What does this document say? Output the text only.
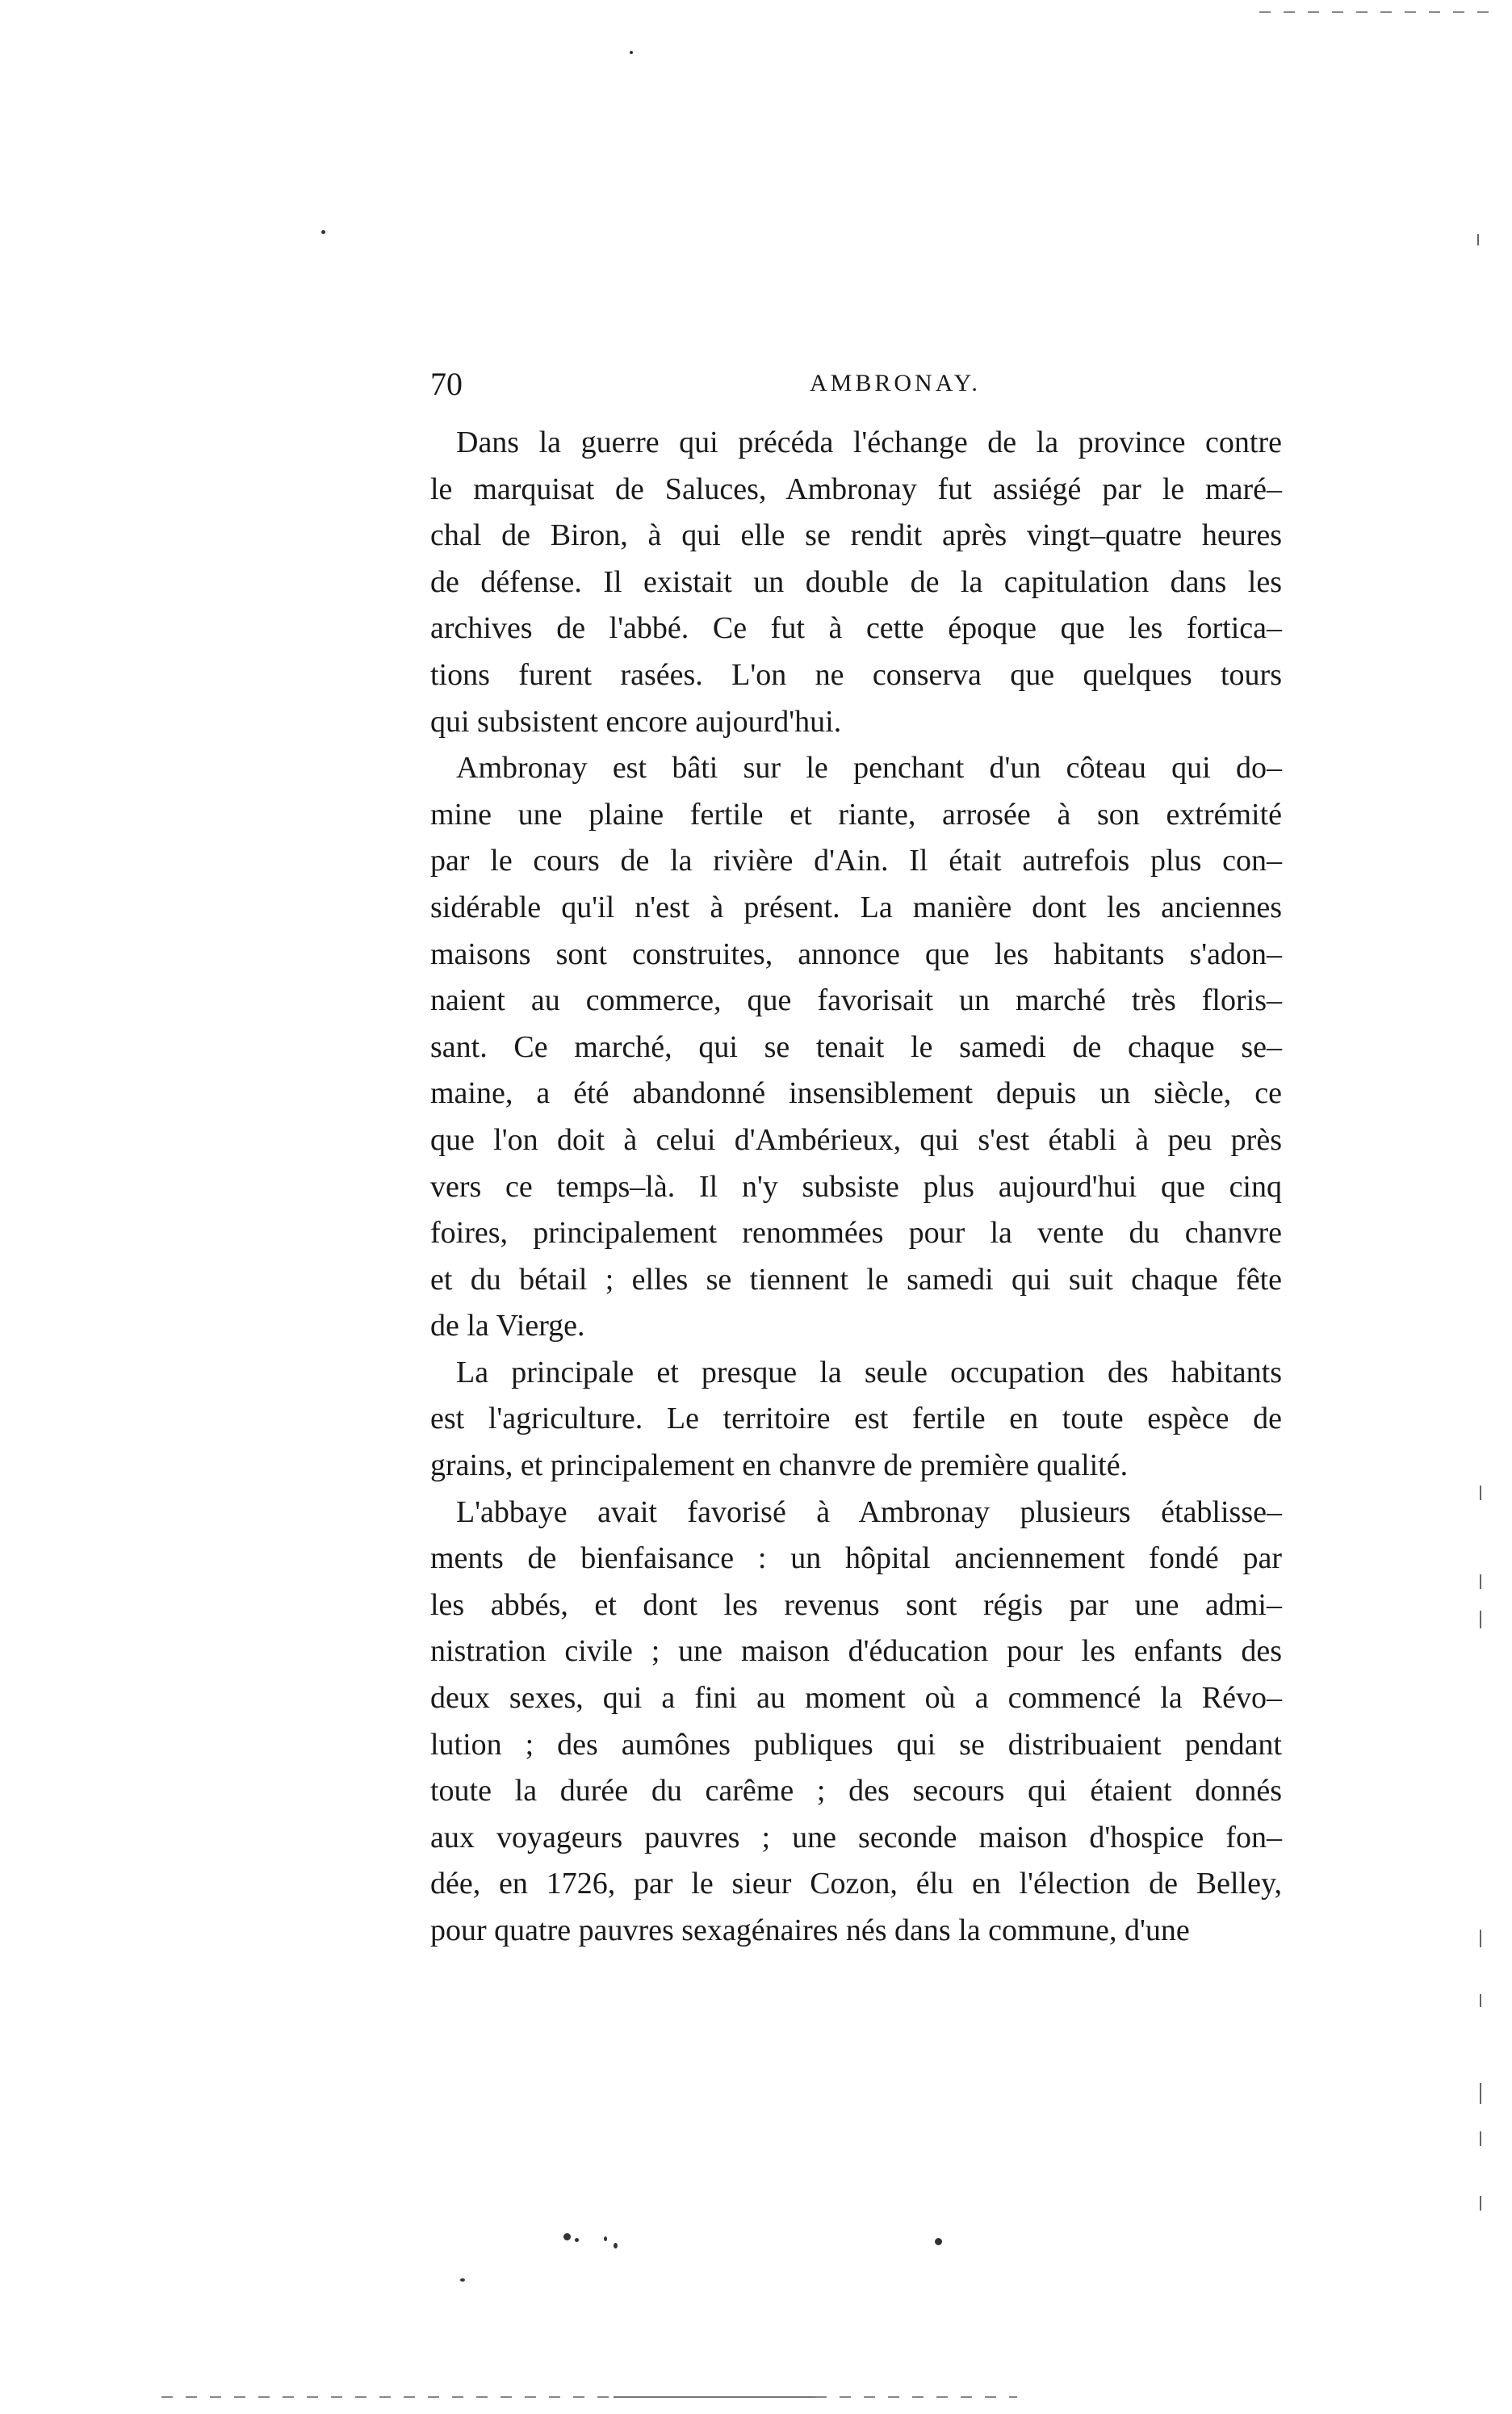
70	AMBRONAY.
Dans la guerre qui précéda l'échange de la province contre
le marquisat de Saluces, Ambronay fut assiégé par le maré–
chal de Biron, à qui elle se rendit après vingt–quatre heures
de défense. Il existait un double de la capitulation dans les
archives de l'abbé. Ce fut à cette époque que les fortica–
tions furent rasées. L'on ne conserva que quelques tours
qui subsistent encore aujourd'hui.
Ambronay est bâti sur le penchant d'un côteau qui do–
mine une plaine fertile et riante, arrosée à son extrémité
par le cours de la rivière d'Ain. Il était autrefois plus con–
sidérable qu'il n'est à présent. La manière dont les anciennes
maisons sont construites, annonce que les habitants s'adon–
naient au commerce, que favorisait un marché très floris–
sant. Ce marché, qui se tenait le samedi de chaque se–
maine, a été abandonné insensiblement depuis un siècle, ce
que l'on doit à celui d'Ambérieux, qui s'est établi à peu près
vers ce temps–là. Il n'y subsiste plus aujourd'hui que cinq
foires, principalement renommées pour la vente du chanvre
et du bétail ; elles se tiennent le samedi qui suit chaque fête
de la Vierge.
La principale et presque la seule occupation des habitants
est l'agriculture. Le territoire est fertile en toute espèce de
grains, et principalement en chanvre de première qualité.
L'abbaye avait favorisé à Ambronay plusieurs établisse–
ments de bienfaisance : un hôpital anciennement fondé par
les abbés, et dont les revenus sont régis par une admi–
nistration civile ; une maison d'éducation pour les enfants des
deux sexes, qui a fini au moment où a commencé la Révo–
lution ; des aumônes publiques qui se distribuaient pendant
toute la durée du carême ; des secours qui étaient donnés
aux voyageurs pauvres ; une seconde maison d'hospice fon–
dée, en 1726, par le sieur Cozon, élu en l'élection de Belley,
pour quatre pauvres sexagénaires nés dans la commune, d'une
